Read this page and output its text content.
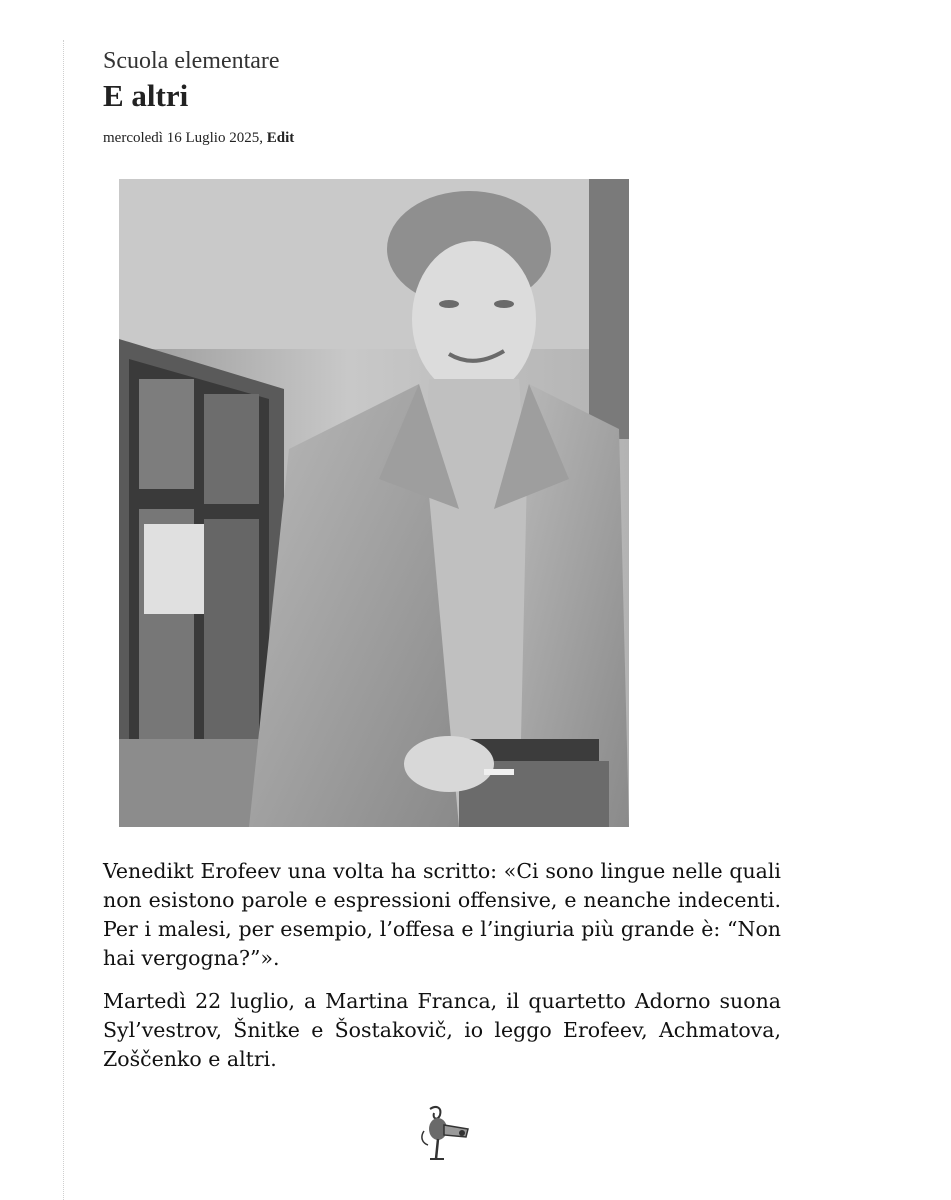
Scuola elementare
E altri
mercoledì 16 Luglio 2025, Edit

Venedikt Erofeev una volta ha scritto: «Ci sono lingue nelle quali non esistono parole e espressioni offensive, e neanche indecenti. Per i malesi, per esempio, l’offesa e l’ingiuria più grande è: “Non hai vergogna?”».

Martedì 22 luglio, a Martina Franca, il quartetto Adorno suona Syl’vestrov, Šnitke e Šostakovič, io leggo Erofeev, Achmatova, Zoščenko e altri.
